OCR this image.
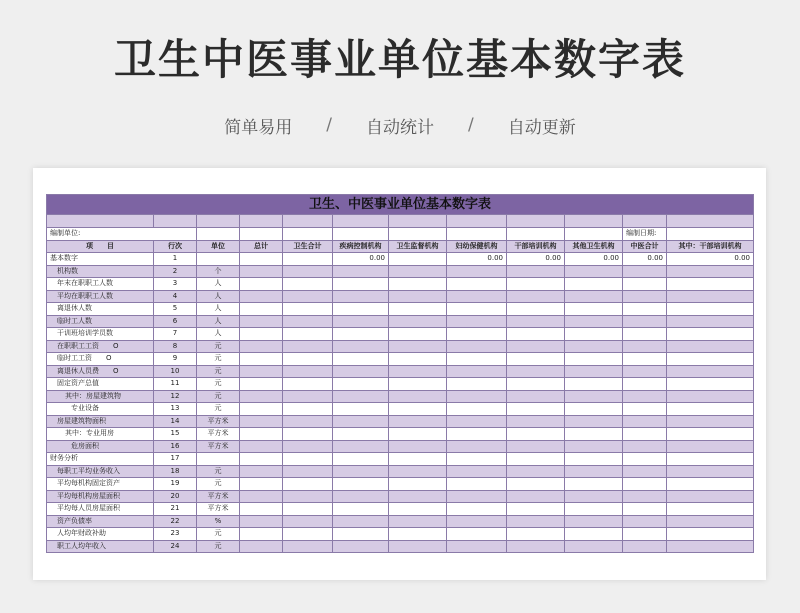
卫生中医事业单位基本数字表
简单易用 / 自动统计 / 自动更新
卫生、中医事业单位基本数字表											

编制单位:										编制日期:	
项　　目	行次	单位	总计	卫生合计	疾病控制机构	卫生监督机构	妇幼保健机构	干部培训机构	其他卫生机构	中医合计	其中：干部培训机构
基本数字	1				0.00		0.00	0.00	0.00	0.00	0.00
机构数	2	个									
年末在职职工人数	3	人									
平均在职职工人数	4	人									
离退休人数	5	人									
临时工人数	6	人									
干训班培训学员数	7	人									
在职职工工资　　O	8	元									
临时工工资　　O	9	元									
离退休人员费　　O	10	元									
固定资产总值	11	元									
其中：房屋建筑物	12	元									
专业设备	13	元									
房屋建筑物面积	14	平方米									
其中：专业用房	15	平方米									
危房面积	16	平方米									
财务分析	17										
每职工平均业务收入	18	元									
平均每机构固定资产	19	元									
平均每机构房屋面积	20	平方米									
平均每人员房屋面积	21	平方米									
资产负债率	22	%									
人均年财政补助	23	元									
职工人均年收入	24	元									
